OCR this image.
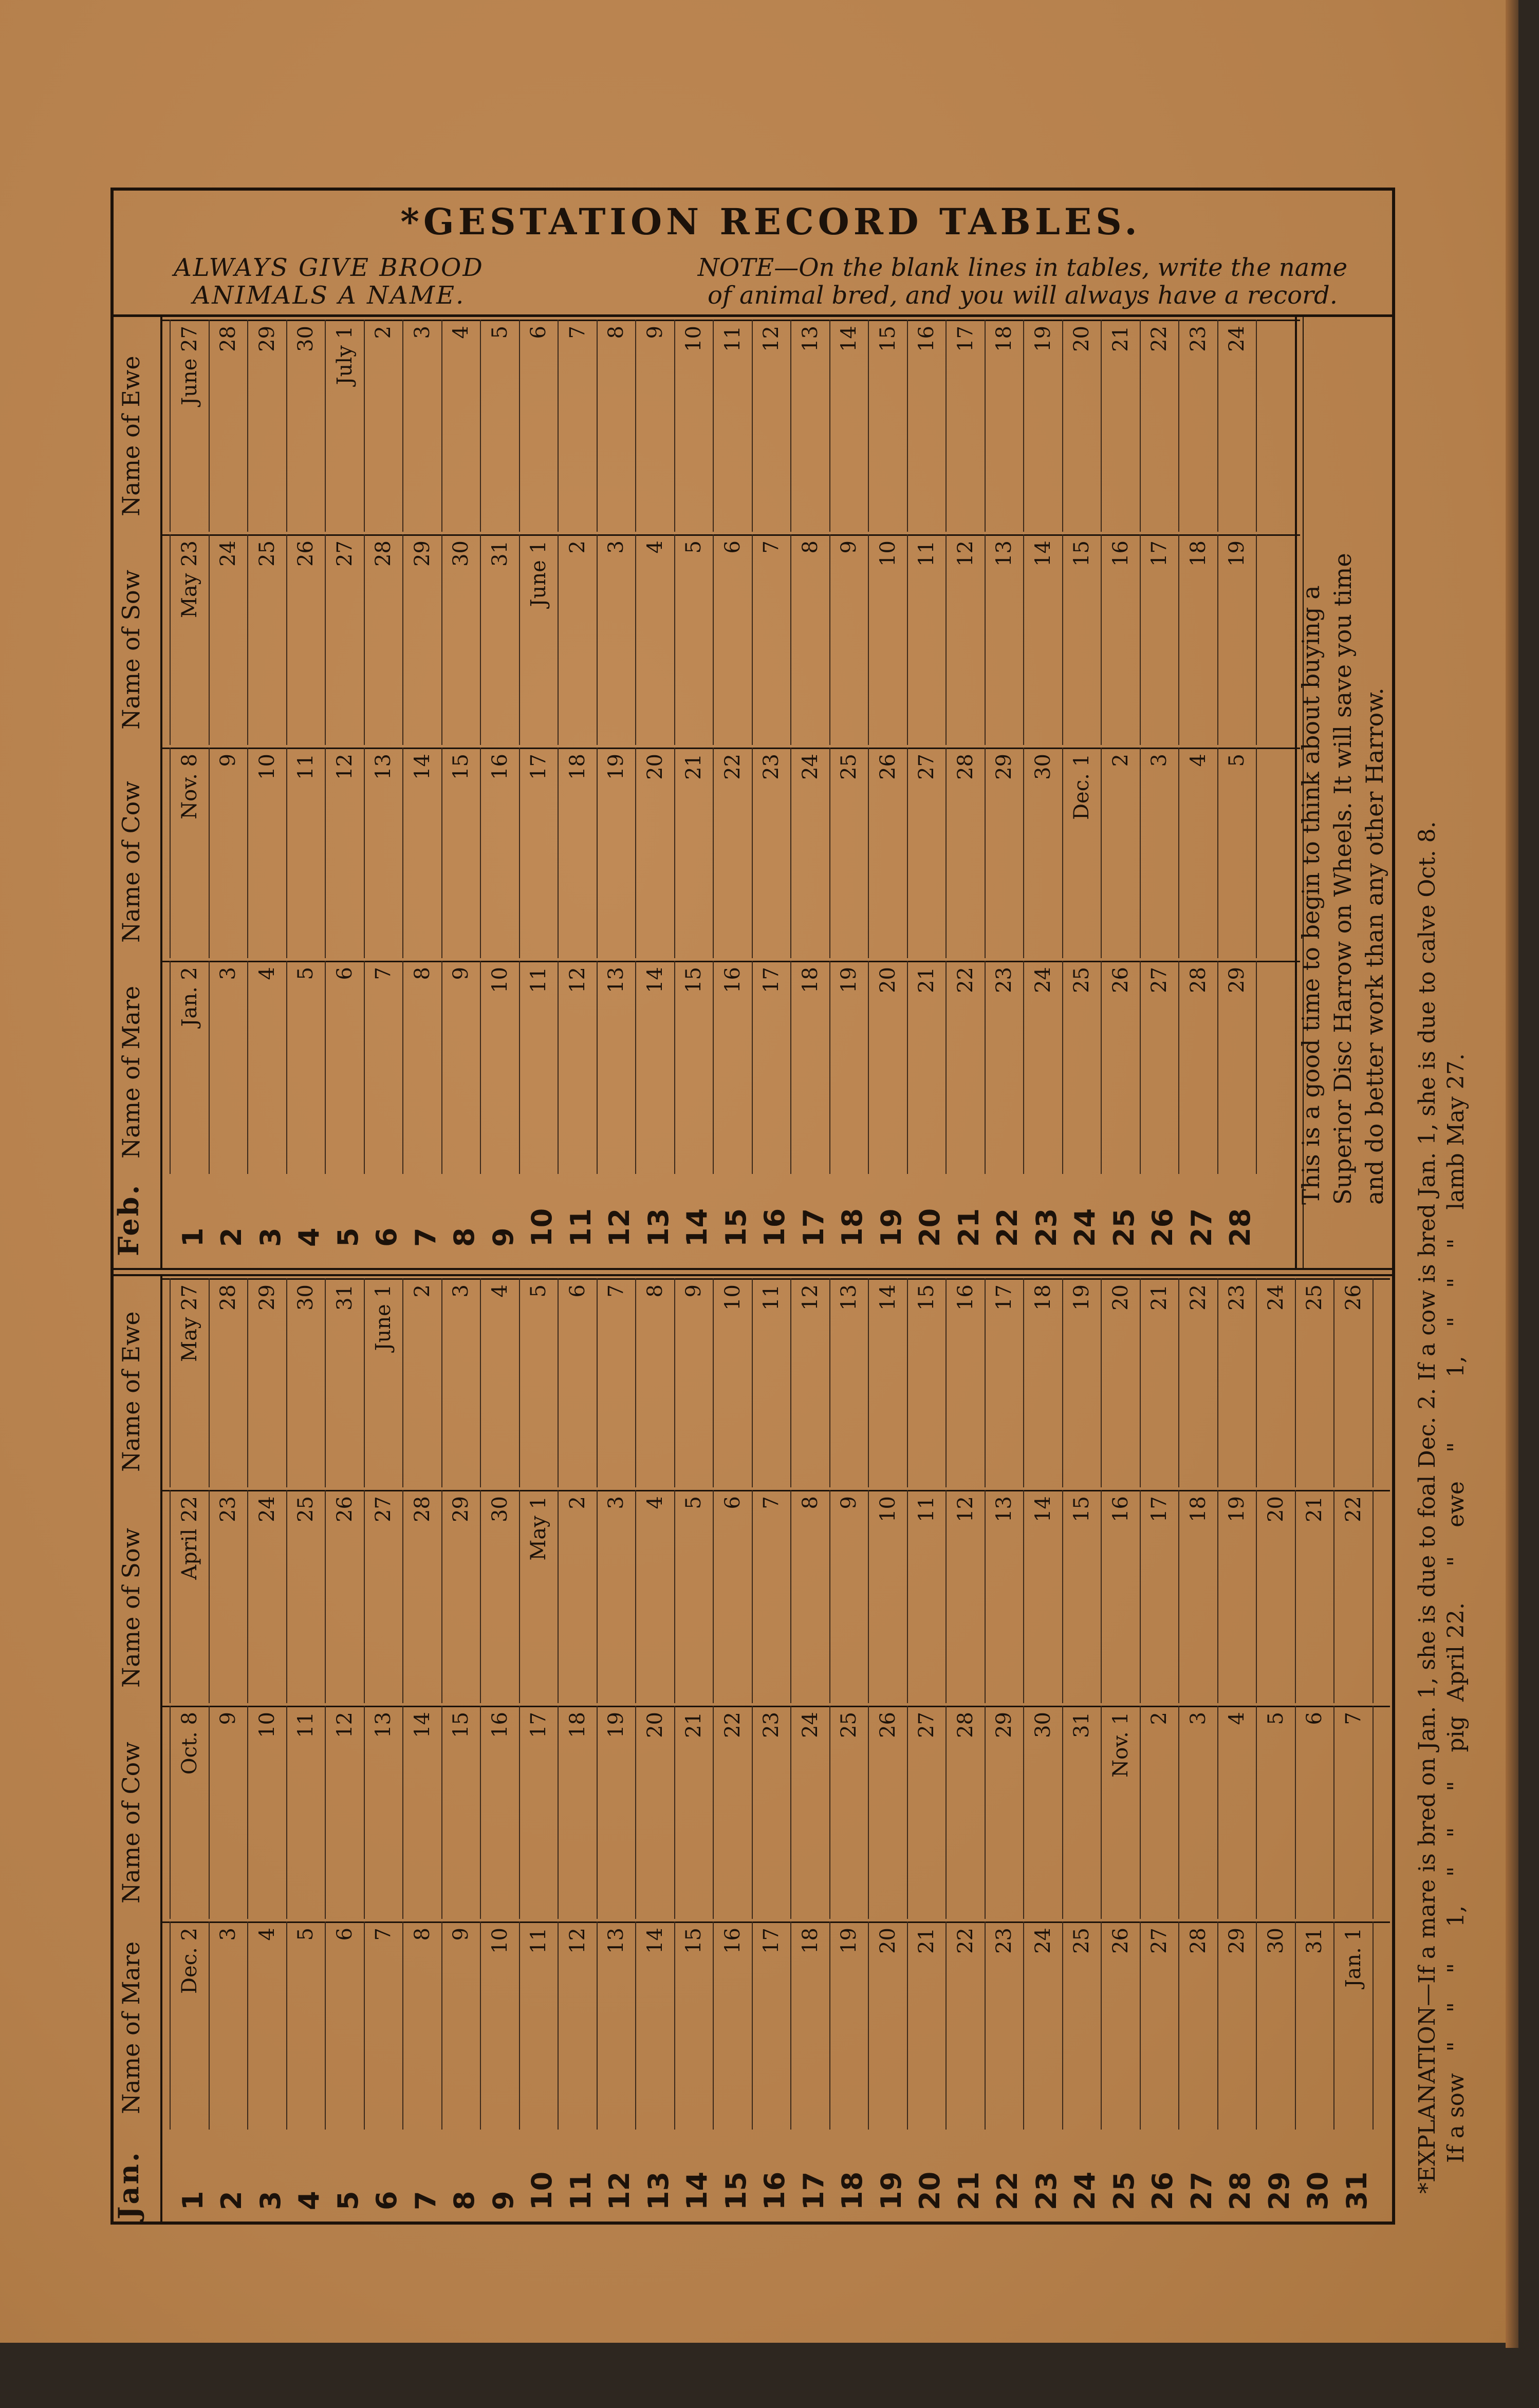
*GESTATION RECORD TABLES.
ALWAYS GIVE BROOD
ANIMALS A NAME.
NOTE—On the blank lines in tables, write the name
of animal bred, and you will always have a record.
Jan. 1 2 3 4 5 6 7 8 9 10 11 12 13 14 15 16 17 18 19 20 21 22 23 24 25 26 27 28 29 30 31
Name of Mare Dec. 2 3 4 5 6 7 8 9 10 11 12 13 14 15 16 17 18 19 20 21 22 23 24 25 26 27 28 29 30 31 Jan. 1
Name of Cow Oct. 8 9 10 11 12 13 14 15 16 17 18 19 20 21 22 23 24 25 26 27 28 29 30 31 Nov. 1 2 3 4 5 6 7
Name of Sow April 22 23 24 25 26 27 28 29 30 May 1 2 3 4 5 6 7 8 9 10 11 12 13 14 15 16 17 18 19 20 21 22
Name of Ewe May 27 28 29 30 31 June 1 2 3 4 5 6 7 8 9 10 11 12 13 14 15 16 17 18 19 20 21 22 23 24 25 26
Feb. 1 2 3 4 5 6 7 8 9 10 11 12 13 14 15 16 17 18 19 20 21 22 23 24 25 26 27 28
Name of Mare Jan. 2 3 4 5 6 7 8 9 10 11 12 13 14 15 16 17 18 19 20 21 22 23 24 25 26 27 28 29
Name of Cow Nov. 8 9 10 11 12 13 14 15 16 17 18 19 20 21 22 23 24 25 26 27 28 29 30 Dec. 1 2 3 4 5
Name of Sow May 23 24 25 26 27 28 29 30 31 June 1 2 3 4 5 6 7 8 9 10 11 12 13 14 15 16 17 18 19
Name of Ewe June 27 28 29 30 July 1 2 3 4 5 6 7 8 9 10 11 12 13 14 15 16 17 18 19 20 21 22 23 24
This is a good time to begin to think about buying a Superior Disc Harrow on Wheels. It will save you time and do better work than any other Harrow. *EXPLANATION—If a mare is bred on Jan. 1, she is due to foal Dec. 2. If a cow is bred Jan. 1, she is due to calve Oct. 8. If a sow   "    "    "     1,    "    "     "    pig  April 22.     "    ewe    "         1,    "    "    "    lamb May 27.
